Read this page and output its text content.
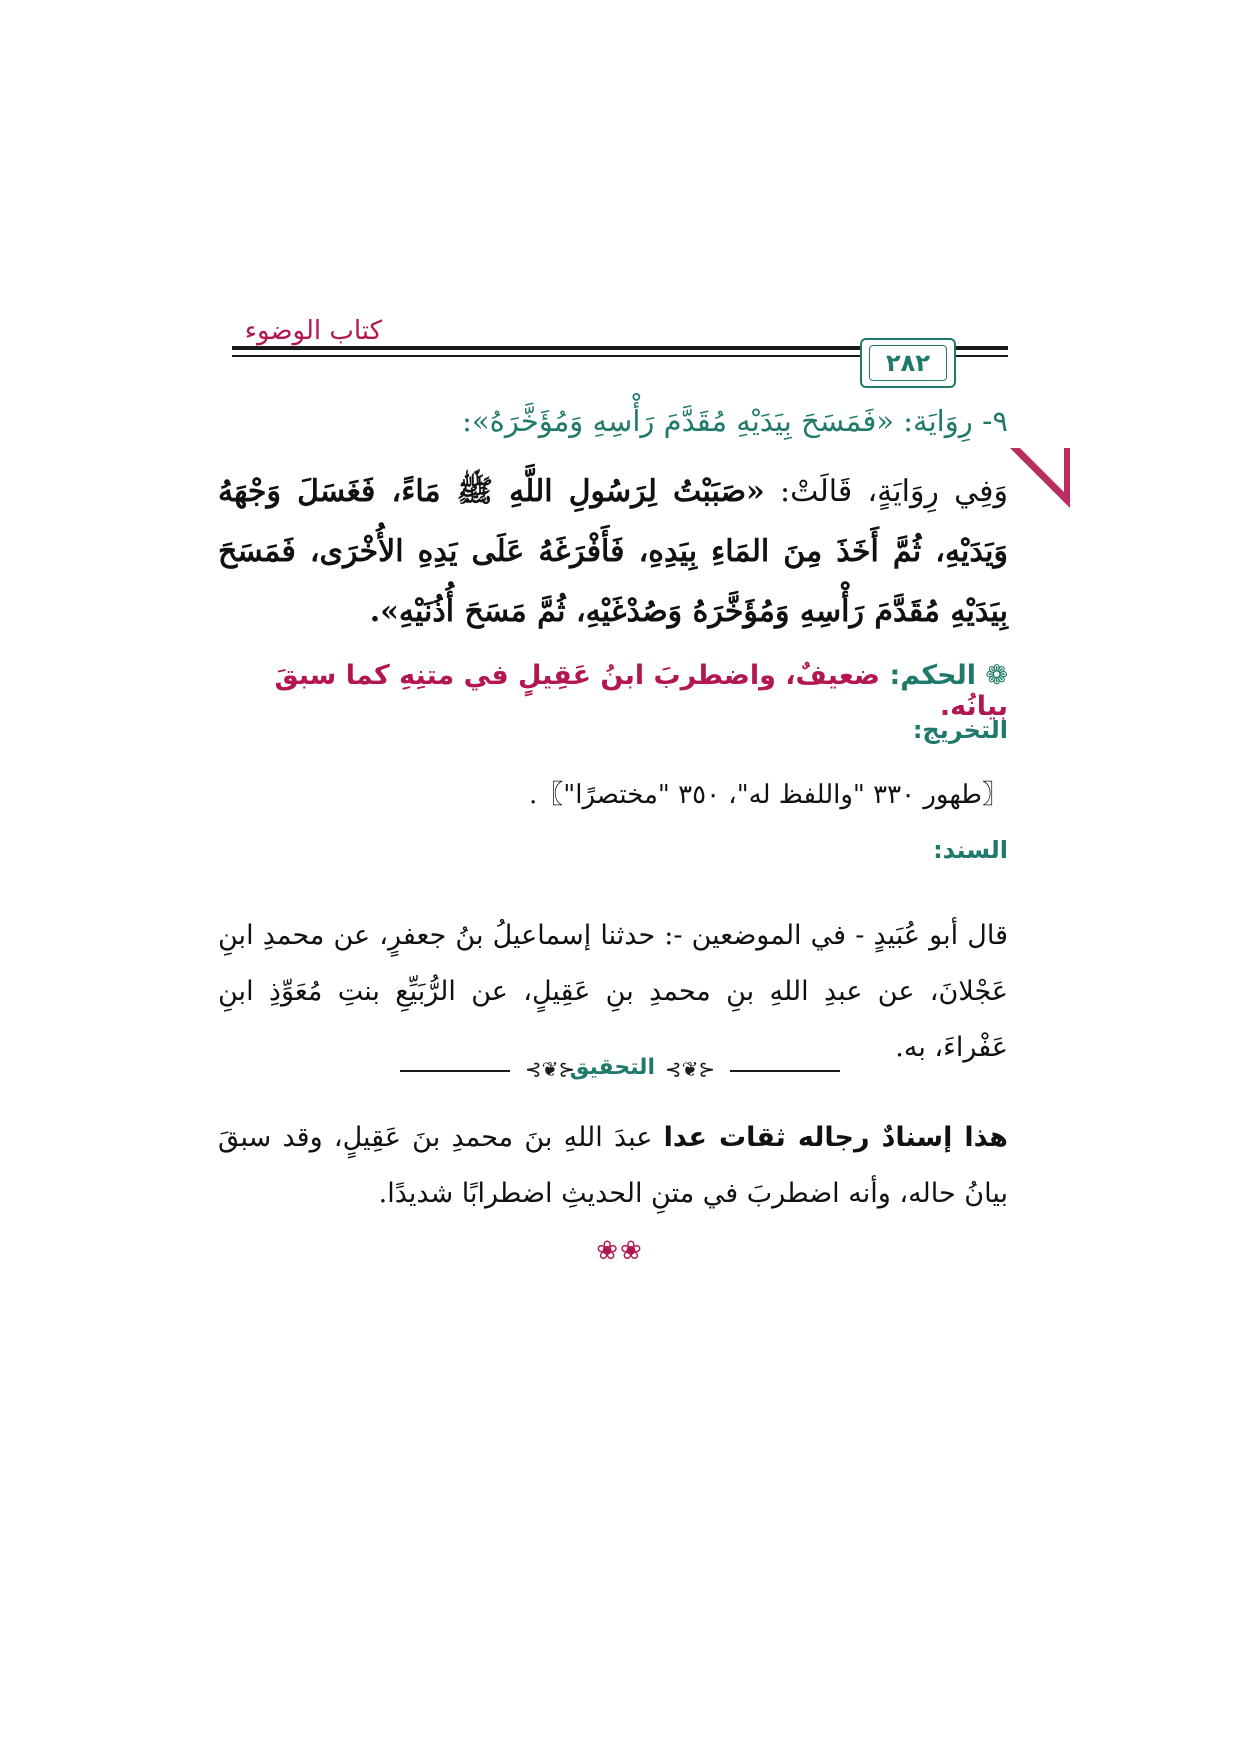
كتاب الوضوء
٢٨٢
٩- رِوَايَة: «فَمَسَحَ بِيَدَيْهِ مُقَدَّمَ رَأْسِهِ وَمُؤَخَّرَهُ»:
وَفِي رِوَايَةٍ، قَالَتْ: «صَبَبْتُ لِرَسُولِ اللَّهِ ﷺ مَاءً، فَغَسَلَ وَجْهَهُ وَيَدَيْهِ، ثُمَّ أَخَذَ مِنَ المَاءِ بِيَدِهِ، فَأَفْرَغَهُ عَلَى يَدِهِ الأُخْرَى، فَمَسَحَ بِيَدَيْهِ مُقَدَّمَ رَأْسِهِ وَمُؤَخَّرَهُ وَصُدْغَيْهِ، ثُمَّ مَسَحَ أُذُنَيْهِ».
❁ الحكم: ضعيفٌ، واضطربَ ابنُ عَقِيلٍ في متنِهِ كما سبقَ بيانُه.
التخريج:
〖طهور ٣٣٠ "واللفظ له"، ٣٥٠ "مختصرًا"〗.
السند:
قال أبو عُبَيدٍ - في الموضعين -: حدثنا إسماعيلُ بنُ جعفرٍ، عن محمدِ ابنِ عَجْلانَ، عن عبدِ اللهِ بنِ محمدِ بنِ عَقِيلٍ، عن الرُّبَيِّعِ بنتِ مُعَوِّذِ ابنِ عَفْراءَ، به.
⊰❦⊱
التحقيق ⊰❦⊱
هذا إسنادٌ رجاله ثقات عدا عبدَ اللهِ بنَ محمدِ بنَ عَقِيلٍ، وقد سبقَ بيانُ حاله، وأنه اضطربَ في متنِ الحديثِ اضطرابًا شديدًا.
❀❀
